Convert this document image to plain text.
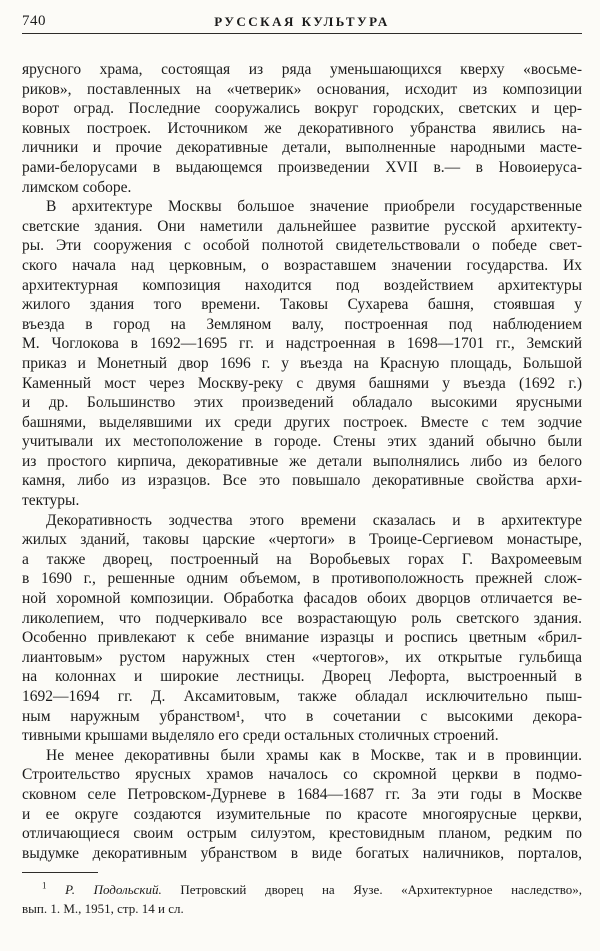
740	РУССКАЯ КУЛЬТУРА
ярусного храма, состоящая из ряда уменьшающихся кверху «восьме-
риков», поставленных на «четверик» основания, исходит из композиции
ворот оград. Последние сооружались вокруг городских, светских и цер-
ковных построек. Источником же декоративного убранства явились на-
личники и прочие декоративные детали, выполненные народными масте-
рами-белорусами в выдающемся произведении XVII в.— в Новоиеруса-
лимском соборе.
В архитектуре Москвы большое значение приобрели государственные
светские здания. Они наметили дальнейшее развитие русской архитекту-
ры. Эти сооружения с особой полнотой свидетельствовали о победе свет-
ского начала над церковным, о возраставшем значении государства. Их
архитектурная композиция находится под воздействием архитектуры
жилого здания того времени. Таковы Сухарева башня, стоявшая у
въезда в город на Земляном валу, построенная под наблюдением
М. Чоглокова в 1692—1695 гг. и надстроенная в 1698—1701 гг., Земский
приказ и Монетный двор 1696 г. у въезда на Красную площадь, Большой
Каменный мост через Москву-реку с двумя башнями у въезда (1692 г.)
и др. Большинство этих произведений обладало высокими ярусными
башнями, выделявшими их среди других построек. Вместе с тем зодчие
учитывали их местоположение в городе. Стены этих зданий обычно были
из простого кирпича, декоративные же детали выполнялись либо из белого
камня, либо из изразцов. Все это повышало декоративные свойства архи-
тектуры.
Декоративность зодчества этого времени сказалась и в архитектуре
жилых зданий, таковы царские «чертоги» в Троице-Сергиевом монастыре,
а также дворец, построенный на Воробьевых горах Г. Вахромеевым
в 1690 г., решенные одним объемом, в противоположность прежней слож-
ной хоромной композиции. Обработка фасадов обоих дворцов отличается ве-
ликолепием, что подчеркивало все возрастающую роль светского здания.
Особенно привлекают к себе внимание изразцы и роспись цветным «брил-
лиантовым» рустом наружных стен «чертогов», их открытые гульбища
на колоннах и широкие лестницы. Дворец Лефорта, выстроенный в
1692—1694 гг. Д. Аксамитовым, также обладал исключительно пыш-
ным наружным убранством¹, что в сочетании с высокими декора-
тивными крышами выделяло его среди остальных столичных строений.
Не менее декоративны были храмы как в Москве, так и в провинции.
Строительство ярусных храмов началось со скромной церкви в подмо-
сковном селе Петровском-Дурневе в 1684—1687 гг. За эти годы в Москве
и ее округе создаются изумительные по красоте многоярусные церкви,
отличающиеся своим острым силуэтом, крестовидным планом, редким по
выдумке декоративным убранством в виде богатых наличников, порталов,
$^1$ Р. Подольский. Петровский дворец на Яузе. «Архитектурное наследство»,
вып. 1. М., 1951, стр. 14 и сл.
